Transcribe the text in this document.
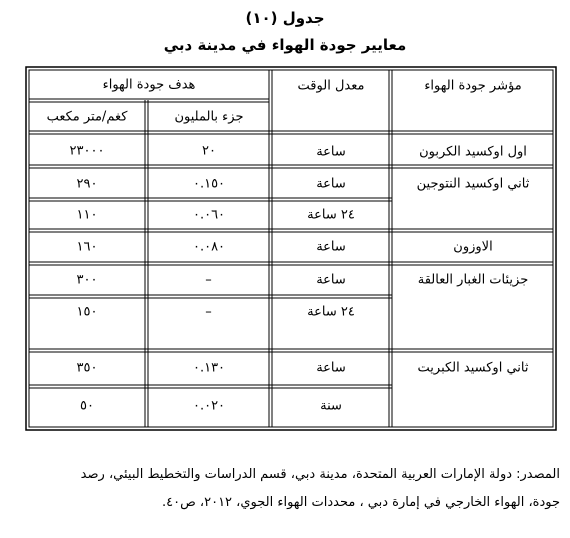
جدول (١٠)
معايير جودة الهواء في مدينة دبي
مؤشر جودة الهواء
معدل الوقت
هدف جودة الهواء
جزء بالمليون
كغم/متر مكعب
اول اوكسيد الكربون
ساعة
٢٠
٢٣٠٠٠
ثاني اوكسيد النتوجين
ساعة
٠.١٥٠
٢٩٠
٢٤ ساعة
٠.٠٦٠
١١٠
الاوزون
ساعة
٠.٠٨٠
١٦٠
جزيئات الغبار العالقة
ساعة
–
٣٠٠
٢٤ ساعة
–
١٥٠
ثاني اوكسيد الكبريت
ساعة
٠.١٣٠
٣٥٠
سنة
٠.٠٢٠
٥٠
المصدر: دولة الإمارات العربية المتحدة، مدينة دبي، قسم الدراسات والتخطيط البيئي، رصد
جودة، الهواء الخارجي في إمارة دبي ، محددات الهواء الجوي، ٢٠١٢، ص٤٠.
